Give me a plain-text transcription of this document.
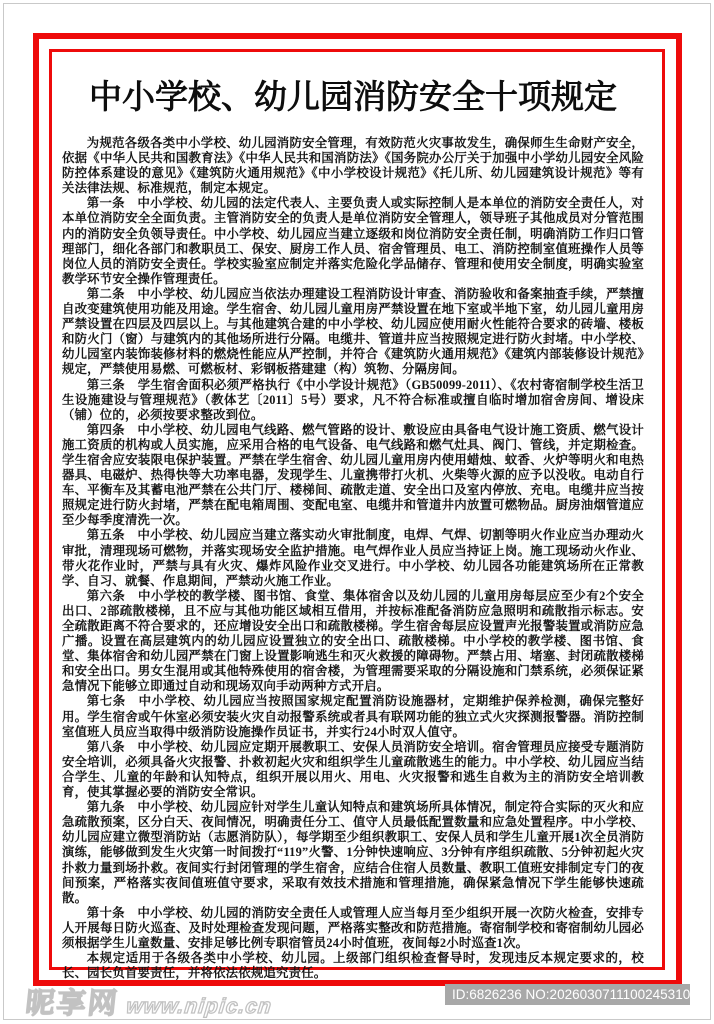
中小学校、幼儿园消防安全十项规定

为规范各级各类中小学校、幼儿园消防安全管理，有效防范火灾事故发生，确保师生生命财产安全，依据《中华人民共和国教育法》《中华人民共和国消防法》《国务院办公厅关于加强中小学幼儿园安全风险防控体系建设的意见》《建筑防火通用规范》《中小学校设计规范》《托儿所、幼儿园建筑设计规范》等有关法律法规、标准规范，制定本规定。

第一条　中小学校、幼儿园的法定代表人、主要负责人或实际控制人是本单位的消防安全责任人，对本单位消防安全全面负责。主管消防安全的负责人是单位消防安全管理人，领导班子其他成员对分管范围内的消防安全负领导责任。中小学校、幼儿园应当建立逐级和岗位消防安全责任制，明确消防工作归口管理部门，细化各部门和教职员工、保安、厨房工作人员、宿舍管理员、电工、消防控制室值班操作人员等岗位人员的消防安全责任。学校实验室应制定并落实危险化学品储存、管理和使用安全制度，明确实验室教学环节安全操作管理责任。

第二条　中小学校、幼儿园应当依法办理建设工程消防设计审查、消防验收和备案抽查手续，严禁擅自改变建筑使用功能及用途。学生宿舍、幼儿园儿童用房严禁设置在地下室或半地下室，幼儿园儿童用房严禁设置在四层及四层以上。与其他建筑合建的中小学校、幼儿园应使用耐火性能符合要求的砖墙、楼板和防火门（窗）与建筑内的其他场所进行分隔。电缆井、管道井应当按照规定进行防火封堵。中小学校、幼儿园室内装饰装修材料的燃烧性能应从严控制，并符合《建筑防火通用规范》《建筑内部装修设计规范》规定，严禁使用易燃、可燃板材、彩钢板搭建建（构）筑物、分隔房间。

第三条　学生宿舍面积必须严格执行《中小学设计规范》（GB50099-2011）、《农村寄宿制学校生活卫生设施建设与管理规范》（教体艺〔2011〕5号）要求，凡不符合标准或擅自临时增加宿舍房间、增设床（铺）位的，必须按要求整改到位。

第四条　中小学校、幼儿园电气线路、燃气管路的设计、敷设应由具备电气设计施工资质、燃气设计施工资质的机构或人员实施，应采用合格的电气设备、电气线路和燃气灶具、阀门、管线，并定期检查。学生宿舍应安装限电保护装置。严禁在学生宿舍、幼儿园儿童用房内使用蜡烛、蚊香、火炉等明火和电热器具、电磁炉、热得快等大功率电器，发现学生、儿童携带打火机、火柴等火源的应予以没收。电动自行车、平衡车及其蓄电池严禁在公共门厅、楼梯间、疏散走道、安全出口及室内停放、充电。电缆井应当按照规定进行防火封堵，严禁在配电箱周围、变配电室、电缆井和管道井内放置可燃物品。厨房油烟管道应至少每季度清洗一次。

第五条　中小学校、幼儿园应当建立落实动火审批制度，电焊、气焊、切割等明火作业应当办理动火审批，清理现场可燃物，并落实现场安全监护措施。电气焊作业人员应当持证上岗。施工现场动火作业、带火花作业时，严禁与具有火灾、爆炸风险作业交叉进行。中小学校、幼儿园各功能建筑场所在正常教学、自习、就餐、作息期间，严禁动火施工作业。

第六条　中小学校的教学楼、图书馆、食堂、集体宿舍以及幼儿园的儿童用房每层应至少有2个安全出口、2部疏散楼梯，且不应与其他功能区域相互借用，并按标准配备消防应急照明和疏散指示标志。安全疏散距离不符合要求的，还应增设安全出口和疏散楼梯。学生宿舍每层应设置声光报警装置或消防应急广播。设置在高层建筑内的幼儿园应设置独立的安全出口、疏散楼梯。中小学校的教学楼、图书馆、食堂、集体宿舍和幼儿园严禁在门窗上设置影响逃生和灭火救援的障碍物。严禁占用、堵塞、封闭疏散楼梯和安全出口。男女生混用或其他特殊使用的宿舍楼，为管理需要采取的分隔设施和门禁系统，必须保证紧急情况下能够立即通过自动和现场双向手动两种方式开启。

第七条　中小学校、幼儿园应当按照国家规定配置消防设施器材，定期维护保养检测，确保完整好用。学生宿舍或午休室必须安装火灾自动报警系统或者具有联网功能的独立式火灾探测报警器。消防控制室值班人员应当取得中级消防设施操作员证书，并实行24小时双人值守。

第八条　中小学校、幼儿园应定期开展教职工、安保人员消防安全培训。宿舍管理员应接受专题消防安全培训，必须具备火灾报警、扑救初起火灾和组织学生儿童疏散逃生的能力。中小学校、幼儿园应当结合学生、儿童的年龄和认知特点，组织开展以用火、用电、火灾报警和逃生自救为主的消防安全培训教育，使其掌握必要的消防安全常识。

第九条　中小学校、幼儿园应针对学生儿童认知特点和建筑场所具体情况，制定符合实际的灭火和应急疏散预案，区分白天、夜间情况，明确责任分工、值守人员最低配置数量和应急处置程序。中小学校、幼儿园应建立微型消防站（志愿消防队），每学期至少组织教职工、安保人员和学生儿童开展1次全员消防演练，能够做到发生火灾第一时间拨打“119”火警、1分钟快速响应、3分钟有序组织疏散、5分钟初起火灾扑救力量到场扑救。夜间实行封闭管理的学生宿舍，应结合住宿人员数量、教职工值班安排制定专门的夜间预案，严格落实夜间值班值守要求，采取有效技术措施和管理措施，确保紧急情况下学生能够快速疏散。

第十条　中小学校、幼儿园的消防安全责任人或管理人应当每月至少组织开展一次防火检查，安排专人开展每日防火巡查、及时处理检查发现问题，严格落实整改和防范措施。寄宿制学校和寄宿制幼儿园必须根据学生儿童数量、安排足够比例专职宿管员24小时值班，夜间每2小时巡查1次。

本规定适用于各级各类中小学校、幼儿园。上级部门组织检查督导时，发现违反本规定要求的，校长、园长负首要责任，并将依法依规追究责任。

昵享网 www.nipic.cn
ID:6826236 NO:20260307111002453100
